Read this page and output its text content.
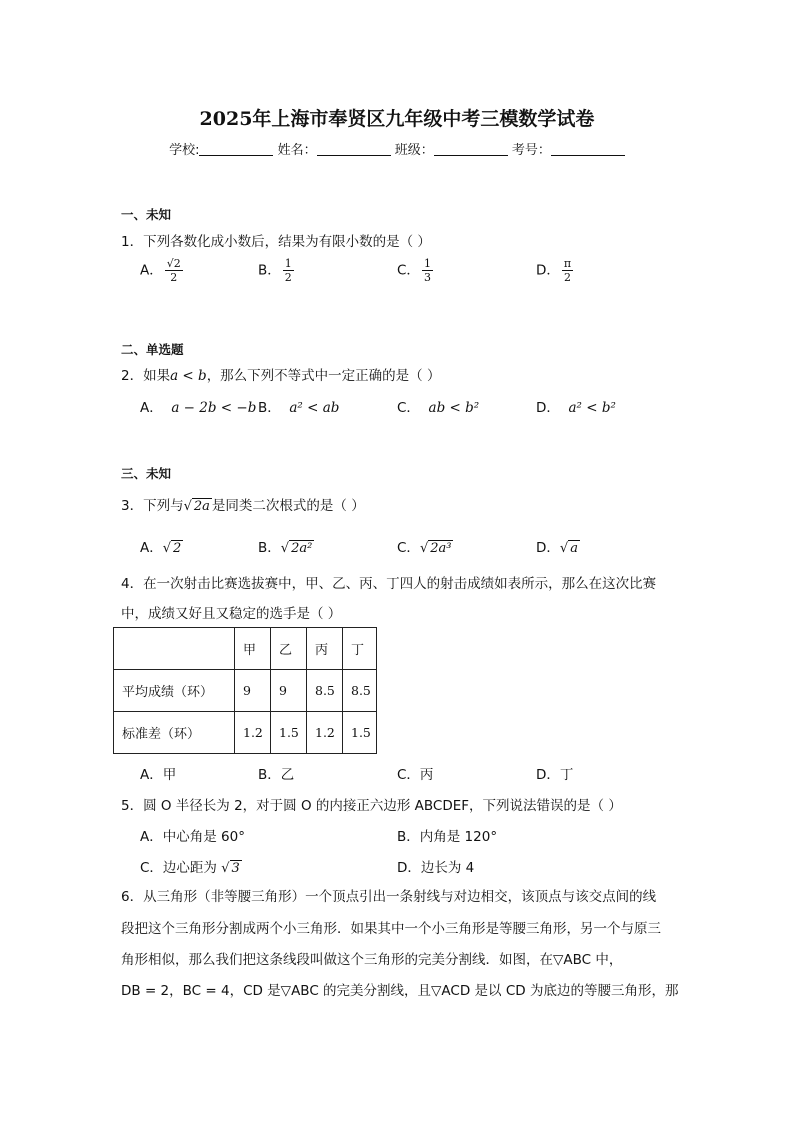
2025年上海市奉贤区九年级中考三模数学试卷
学校:	姓名：	班级：	考号：
一、未知
1．下列各数化成小数后，结果为有限小数的是（ ）
A． $\frac{√2}{2}$	B． $\frac{1}{2}$	C． $\frac{1}{3}$	D． $\frac{\pi}{2}$
二、单选题
2．如果a < b，那么下列不等式中一定正确的是（ ）
A． a − 2b < −b B． a² < ab	C． ab < b²	D． a² < b²
三、未知
3．下列与√ 2a 是同类二次根式的是（ ）
A．√ 2	B．√ 2a²	C．√ 2a³	D．√ a
4．在一次射击比赛选拔赛中，甲、乙、丙、丁四人的射击成绩如表所示，那么在这次比赛
中，成绩又好且又稳定的选手是（ ）
	甲	乙	丙	丁
平均成绩（环）	9	9	8.5	8.5
标准差（环）	1.2	1.5	1.2	1.5
A．甲	B．乙	C．丙	D．丁
5．圆 O 半径长为 2，对于圆 O 的内接正六边形 ABCDEF，下列说法错误的是（ ）
A．中心角是 60°	B．内角是 120°
C．边心距为 √ 3	D．边长为 4
6．从三角形（非等腰三角形）一个顶点引出一条射线与对边相交，该顶点与该交点间的线
段把这个三角形分割成两个小三角形．如果其中一个小三角形是等腰三角形，另一个与原三
角形相似，那么我们把这条线段叫做这个三角形的完美分割线．如图，在▽ABC 中，
DB = 2，BC = 4，CD 是▽ABC 的完美分割线，且▽ACD 是以 CD 为底边的等腰三角形，那
